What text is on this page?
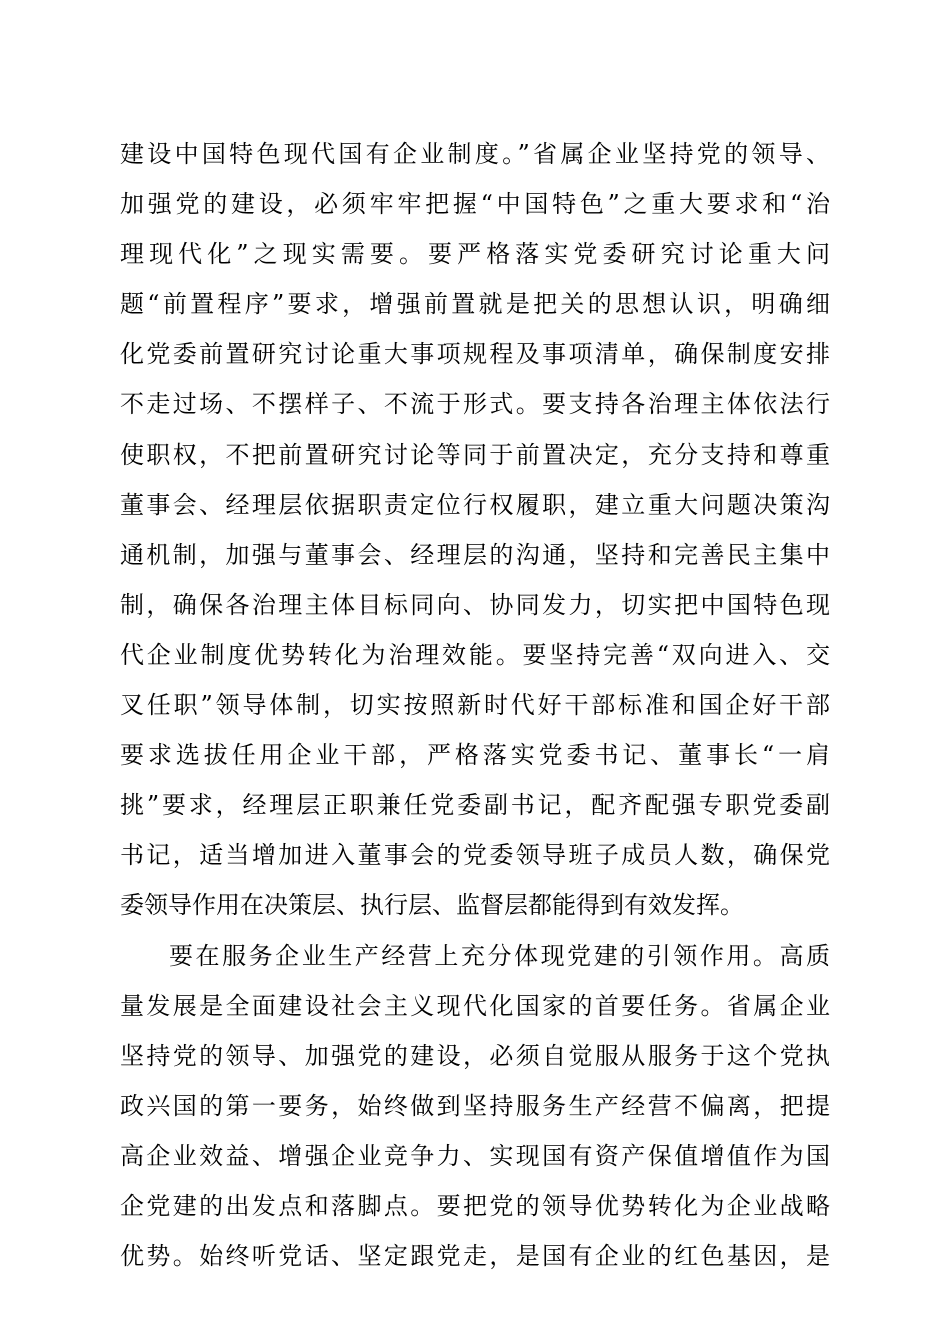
建设中国特色现代国有企业制度。”省属企业坚持党的领导、
加强党的建设，必须牢牢把握“中国特色”之重大要求和“治
理现代化”之现实需要。要严格落实党委研究讨论重大问
题“前置程序”要求，增强前置就是把关的思想认识，明确细
化党委前置研究讨论重大事项规程及事项清单，确保制度安排
不走过场、不摆样子、不流于形式。要支持各治理主体依法行
使职权，不把前置研究讨论等同于前置决定，充分支持和尊重
董事会、经理层依据职责定位行权履职，建立重大问题决策沟
通机制，加强与董事会、经理层的沟通，坚持和完善民主集中
制，确保各治理主体目标同向、协同发力，切实把中国特色现
代企业制度优势转化为治理效能。要坚持完善“双向进入、交
叉任职”领导体制，切实按照新时代好干部标准和国企好干部
要求选拔任用企业干部，严格落实党委书记、董事长“一肩
挑”要求，经理层正职兼任党委副书记，配齐配强专职党委副
书记，适当增加进入董事会的党委领导班子成员人数，确保党
委领导作用在决策层、执行层、监督层都能得到有效发挥。
要在服务企业生产经营上充分体现党建的引领作用。高质
量发展是全面建设社会主义现代化国家的首要任务。省属企业
坚持党的领导、加强党的建设，必须自觉服从服务于这个党执
政兴国的第一要务，始终做到坚持服务生产经营不偏离，把提
高企业效益、增强企业竞争力、实现国有资产保值增值作为国
企党建的出发点和落脚点。要把党的领导优势转化为企业战略
优势。始终听党话、坚定跟党走，是国有企业的红色基因，是
